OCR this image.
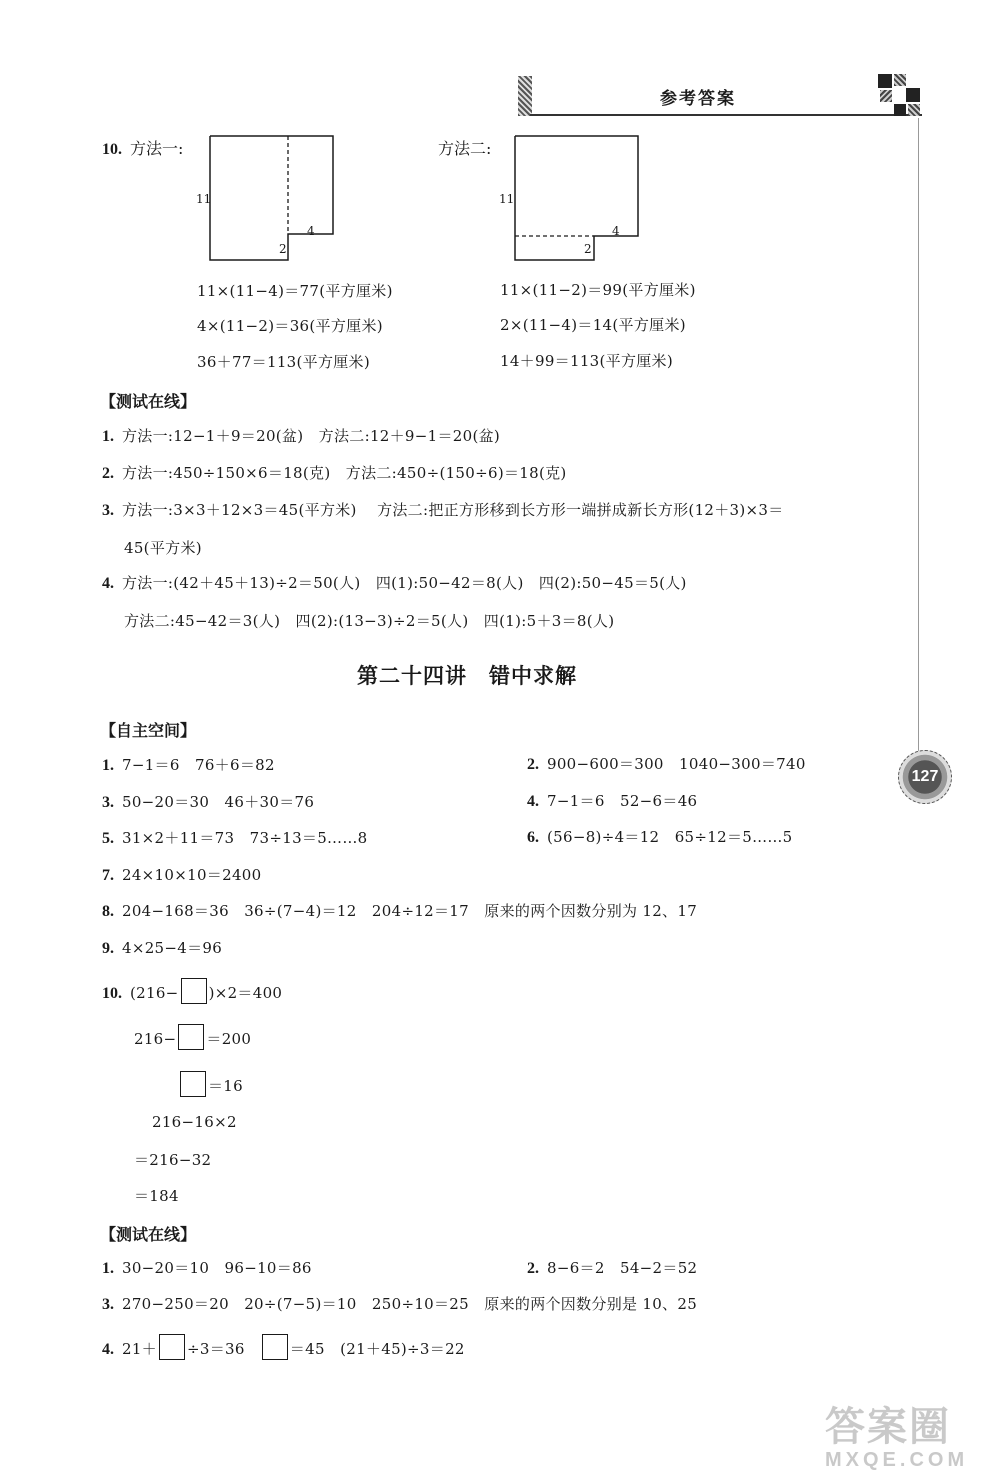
参考答案
127
10. 方法一:
11
4
2
方法二:
11
4
2
11×(11−4)＝77(平方厘米)
4×(11−2)＝36(平方厘米)
36＋77＝113(平方厘米)
11×(11−2)＝99(平方厘米)
2×(11−4)＝14(平方厘米)
14＋99＝113(平方厘米)
【测试在线】
1. 方法一:12−1＋9＝20(盆)　方法二:12＋9−1＝20(盆)
2. 方法一:450÷150×6＝18(克)　方法二:450÷(150÷6)＝18(克)
3. 方法一:3×3＋12×3＝45(平方米)　 方法二:把正方形移到长方形一端拼成新长方形(12＋3)×3＝
45(平方米)
4. 方法一:(42＋45＋13)÷2＝50(人)　四(1):50−42＝8(人)　四(2):50−45＝5(人)
方法二:45−42＝3(人)　四(2):(13−3)÷2＝5(人)　四(1):5＋3＝8(人)
第二十四讲　错中求解
【自主空间】
1. 7−1＝6　76＋6＝82	2. 900−600＝300　1040−300＝740
3. 50−20＝30　46＋30＝76	4. 7−1＝6　52−6＝46
5. 31×2＋11＝73　73÷13＝5……8	6. (56−8)÷4＝12　65÷12＝5……5
7. 24×10×10＝2400
8. 204−168＝36　36÷(7−4)＝12　204÷12＝17　原来的两个因数分别为 12、17
9. 4×25−4＝96
10. (216− )×2＝400
216− ＝200
＝16
216−16×2
＝216−32
＝184
【测试在线】
1. 30−20＝10　96−10＝86	2. 8−6＝2　54−2＝52
3. 270−250＝20　20÷(7−5)＝10　250÷10＝25　原来的两个因数分别是 10、25
4. 21＋ ÷3＝36	＝45　(21＋45)÷3＝22
答案圈
MXQE.COM
